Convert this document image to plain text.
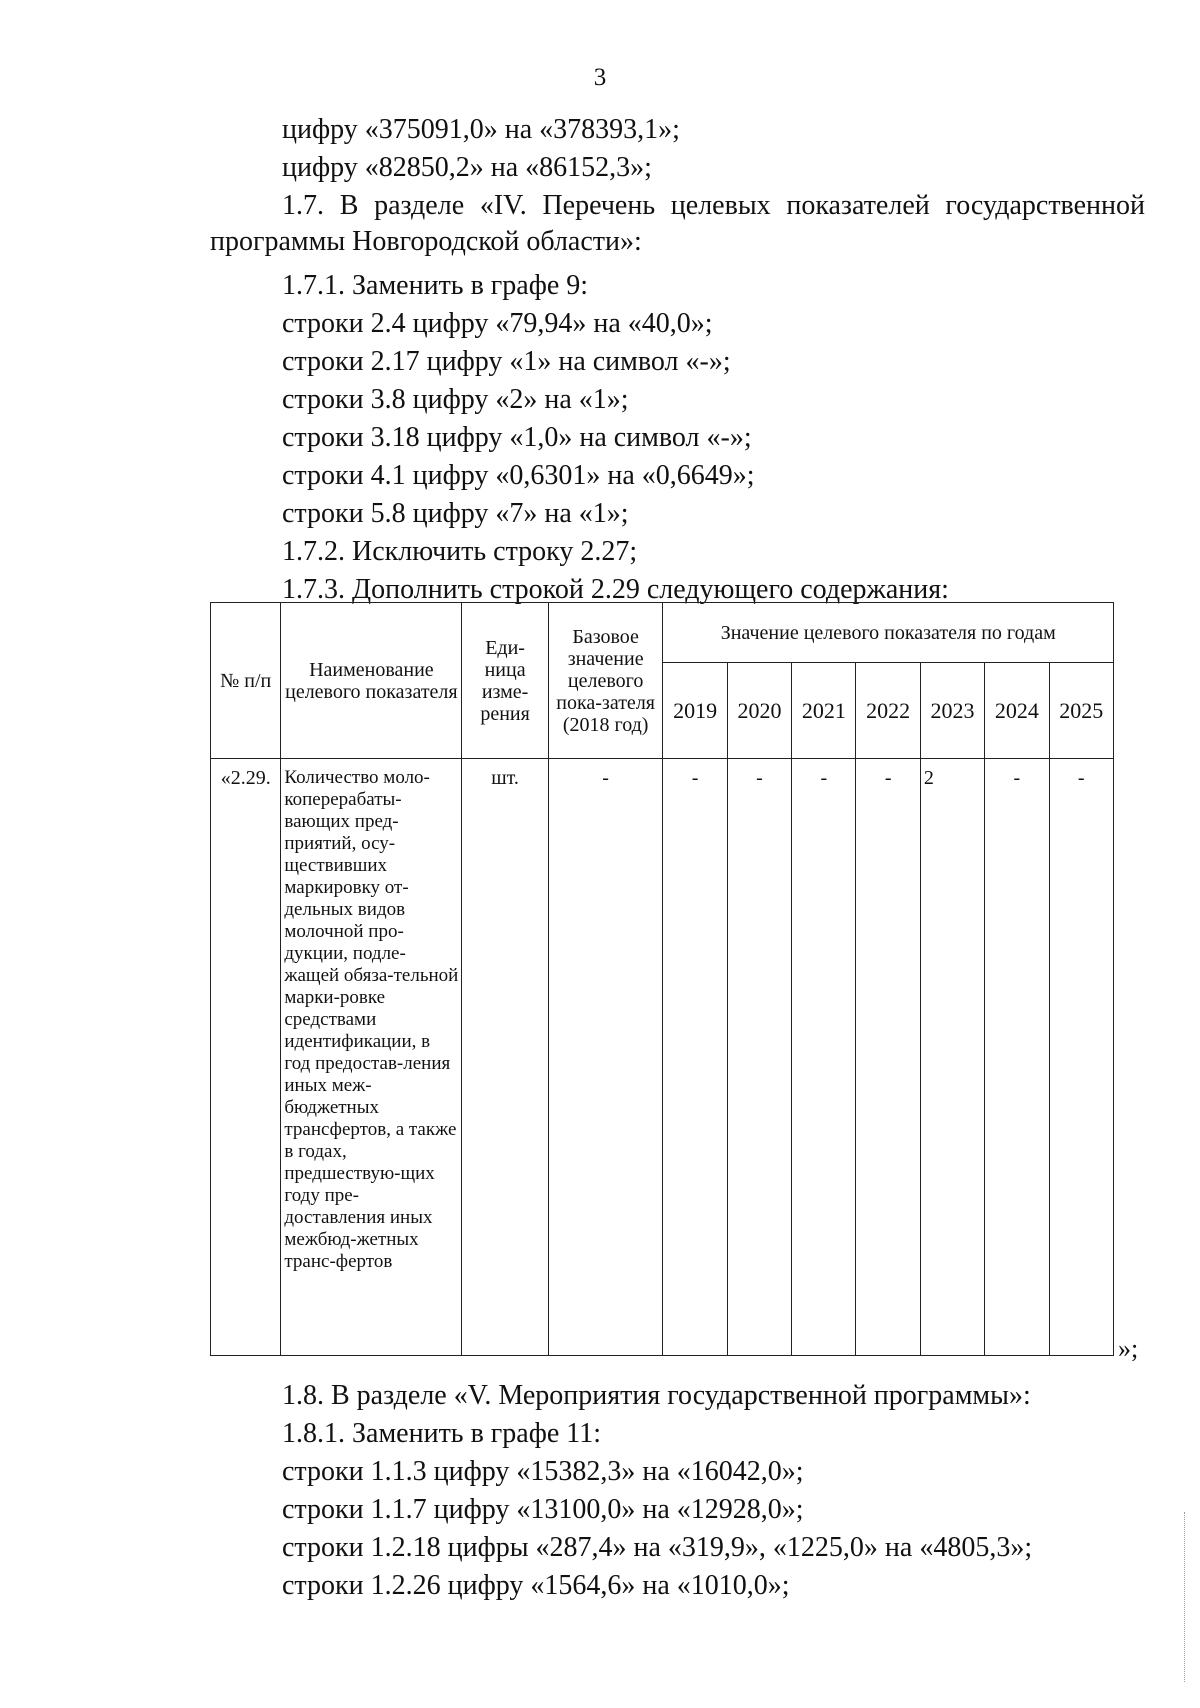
3
цифру «375091,0» на «378393,1»;
цифру «82850,2» на «86152,3»;
1.7. В разделе «IV. Перечень целевых показателей государственной
программы Новгородской области»:
1.7.1. Заменить в графе 9:
строки 2.4 цифру «79,94» на «40,0»;
строки 2.17 цифру «1» на символ «-»;
строки 3.8 цифру «2» на «1»;
строки 3.18 цифру «1,0» на символ «-»;
строки 4.1 цифру «0,6301» на «0,6649»;
строки 5.8 цифру «7» на «1»;
1.7.2. Исключить строку 2.27;
1.7.3. Дополнить строкой 2.29 следующего содержания:
№ п/п	Наименование целевого показателя	Еди-ница изме-рения	Базовое значение целевого пока-зателя (2018 год)	Значение целевого показателя по годам						
				2019	2020	2021	2022	2023	2024	2025
«2.29.	Количество моло-коперерабаты-вающих пред-приятий, осу-ществивших маркировку от-дельных видов молочной про-дукции, подле-жащей обяза-тельной марки-ровке средствами идентификации, в год предостав-ления иных меж-бюджетных трансфертов, а также в годах, предшествую-щих году пре-доставления иных межбюд-жетных транс-фертов	шт.	-	-	-	-	-	2	-	-
»;
1.8. В разделе «V. Мероприятия государственной программы»:
1.8.1. Заменить в графе 11:
строки 1.1.3 цифру «15382,3» на «16042,0»;
строки 1.1.7 цифру «13100,0» на «12928,0»;
строки 1.2.18 цифры «287,4» на «319,9», «1225,0» на «4805,3»;
строки 1.2.26 цифру «1564,6» на «1010,0»;
